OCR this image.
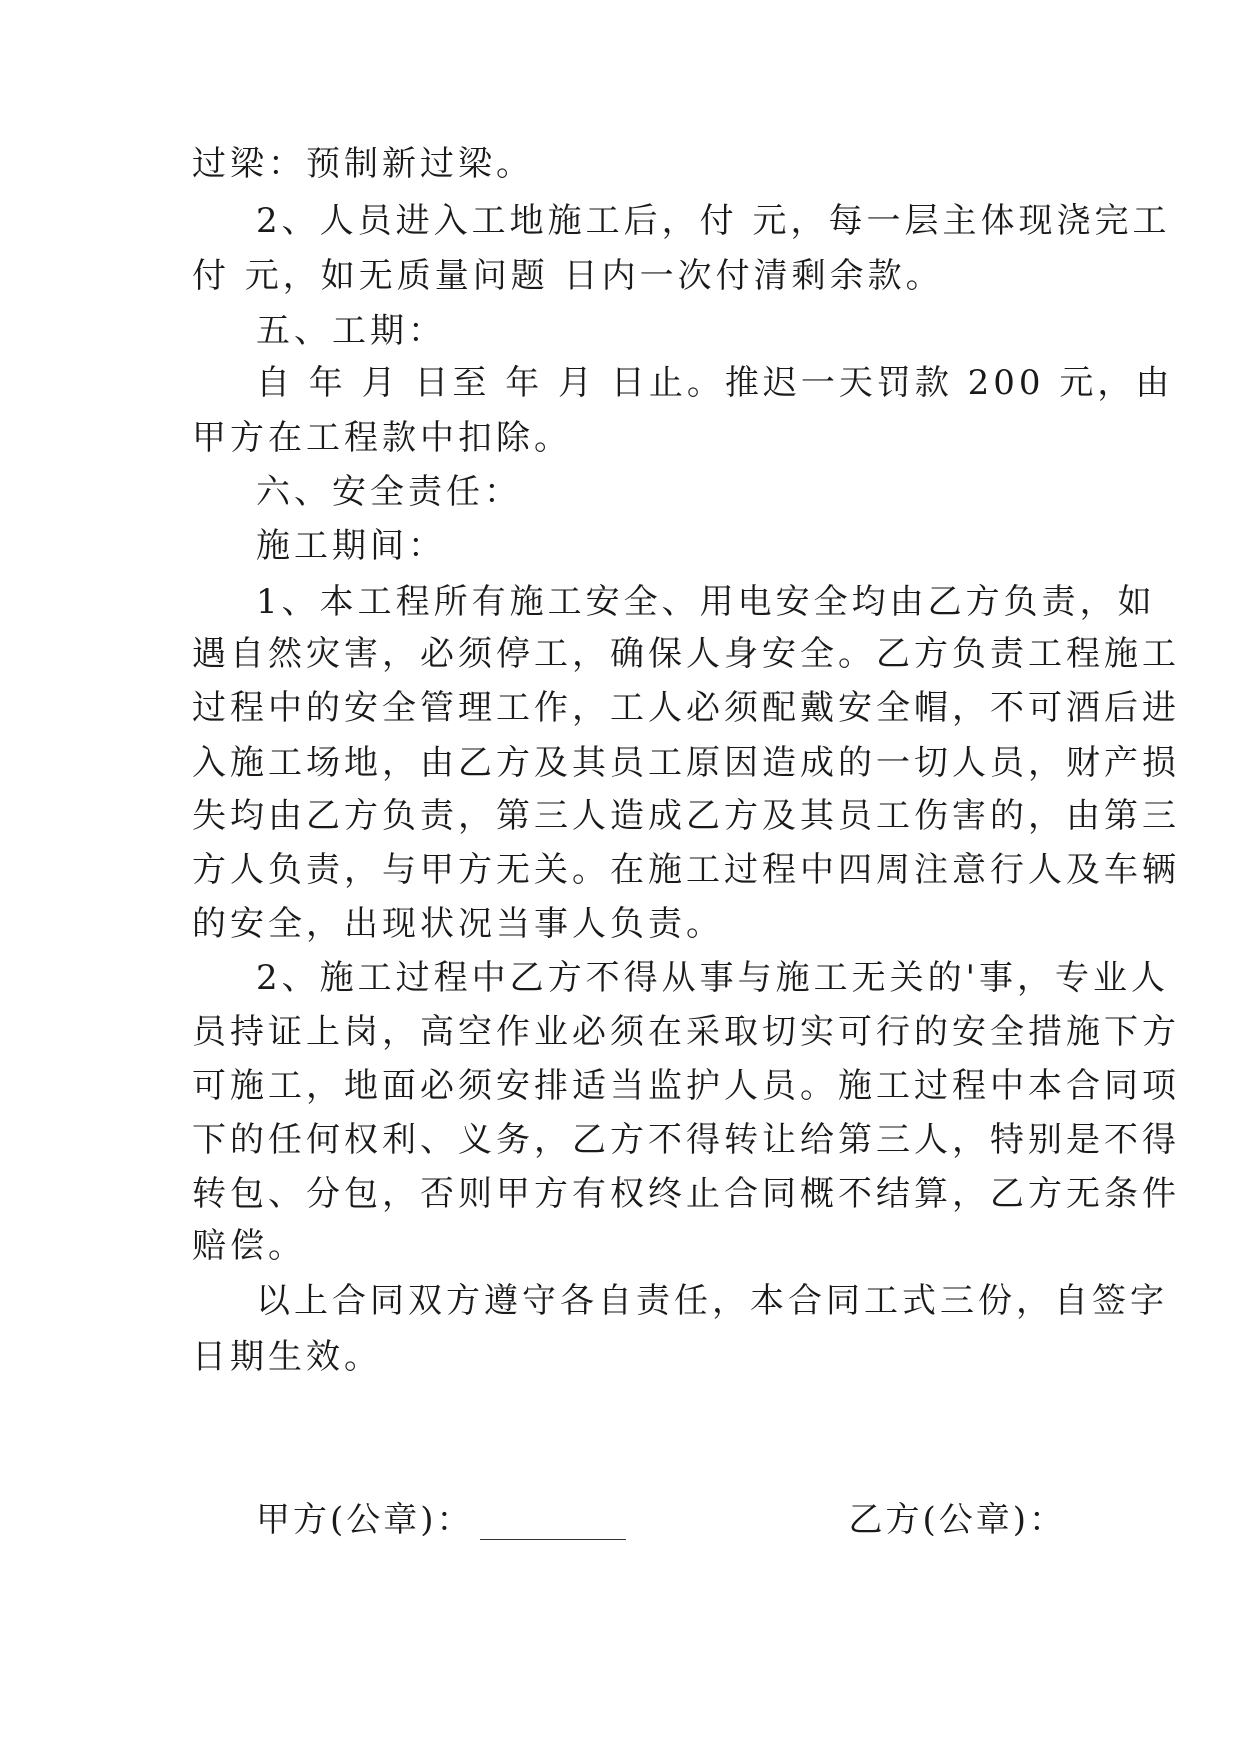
过梁：预制新过梁。
2、人员进入工地施工后，付 元，每一层主体现浇完工
付 元，如无质量问题 日内一次付清剩余款。
五、工期：
自 年 月 日至 年 月 日止。推迟一天罚款 200 元，由
甲方在工程款中扣除。
六、安全责任：
施工期间：
1、本工程所有施工安全、用电安全均由乙方负责，如
遇自然灾害，必须停工，确保人身安全。乙方负责工程施工
过程中的安全管理工作，工人必须配戴安全帽，不可酒后进
入施工场地，由乙方及其员工原因造成的一切人员，财产损
失均由乙方负责，第三人造成乙方及其员工伤害的，由第三
方人负责，与甲方无关。在施工过程中四周注意行人及车辆
的安全，出现状况当事人负责。
2、施工过程中乙方不得从事与施工无关的'事，专业人
员持证上岗，高空作业必须在采取切实可行的安全措施下方
可施工，地面必须安排适当监护人员。施工过程中本合同项
下的任何权利、义务，乙方不得转让给第三人，特别是不得
转包、分包，否则甲方有权终止合同概不结算，乙方无条件
赔偿。
以上合同双方遵守各自责任，本合同工式三份，自签字
日期生效。
甲方(公章)：	乙方(公章)：
